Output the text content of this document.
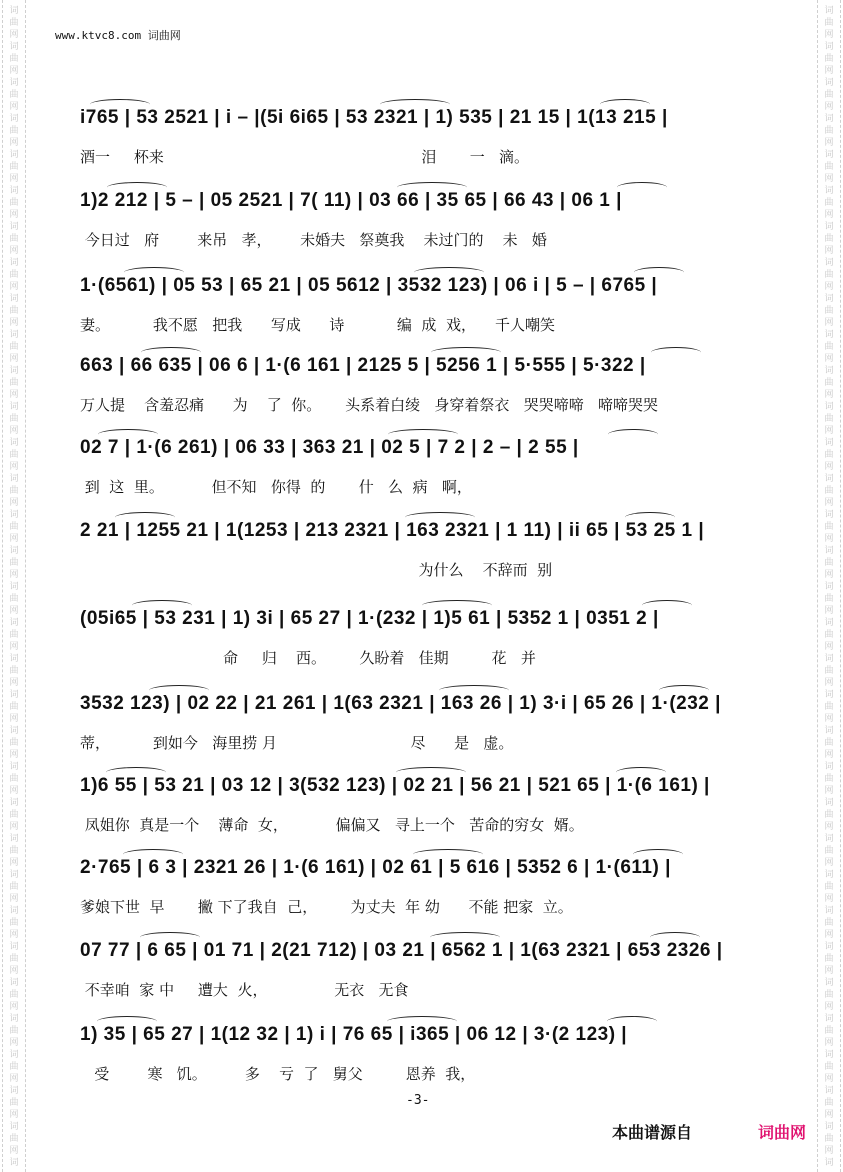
词
曲
网
词
曲
网
词
曲
网
词
曲
网
词
曲
网
词
曲
网
词
曲
网
词
曲
网
词
曲
网
词
曲
网
词
曲
网
词
曲
网
词
曲
网
词
曲
网
词
曲
网
词
曲
网
词
曲
网
词
曲
网
词
曲
网
词
曲
网
词
曲
网
词
曲
网
词
曲
网
词
曲
网
词
曲
网
词
曲
网
词
曲
网
词
曲
网
词
曲
网
词
曲
网
词
曲
网
词
曲
网
词
词
曲
网
词
曲
网
词
曲
网
词
曲
网
词
曲
网
词
曲
网
词
曲
网
词
曲
网
词
曲
网
词
曲
网
词
曲
网
词
曲
网
词
曲
网
词
曲
网
词
曲
网
词
曲
网
词
曲
网
词
曲
网
词
曲
网
词
曲
网
词
曲
网
词
曲
网
词
曲
网
词
曲
网
词
曲
网
词
曲
网
词
曲
网
词
曲
网
词
曲
网
词
曲
网
词
曲
网
词
曲
网
词
www.ktvc8.com 词曲网
i765 | 53 2521 | i – |(5i 6i65 | 53 2321 | 1) 535 | 21 15 | 1(13 215 |
酒一     杯来                                                      泪       一   滴。
1)2 212 | 5 – | 05 2521 | 7( 11) | 03 66 | 35 65 | 66 43 | 06 1 |
今日过   府        来吊   孝，      未婚夫   祭奠我    未过门的    未   婚
1·(6561) | 05 53 | 65 21 | 05 5612 | 3532 123) | 06 i | 5 – | 6765 |
妻。         我不愿   把我      写成      诗           编  成  戏，    千人嘲笑
663 | 66 635 | 06 6 | 1·(6 161 | 2125 5 | 5256 1 | 5·555 | 5·322 |
万人提    含羞忍痛      为    了  你。     头系着白绫   身穿着祭衣   哭哭啼啼   啼啼哭哭
02 7 | 1·(6 261) | 06 33 | 363 21 | 02 5 | 7 2 | 2 – | 2 55 |
到  这  里。          但不知   你得  的       什   么  病   啊，
2 21 | 1255 21 | 1(1253 | 213 2321 | 163 2321 | 1 11) | ii 65 | 53 25 1 |
为什么    不辞而  别
(05i65 | 53 231 | 1) 3i | 65 27 | 1·(232 | 1)5 61 | 5352 1 | 0351 2 |
命     归    西。       久盼着   佳期         花   并
3532 123) | 02 22 | 21 261 | 1(63 2321 | 163 26 | 1) 3·i | 65 26 | 1·(232 |
蒂，         到如今   海里捞 月                            尽      是   虚。
1)6 55 | 53 21 | 03 12 | 3(532 123) | 02 21 | 56 21 | 521 65 | 1·(6 161) |
凤姐你  真是一个    薄命  女，          偏偏又   寻上一个   苦命的穷女  婿。
2·765 | 6 3 | 2321 26 | 1·(6 161) | 02 61 | 5 616 | 5352 6 | 1·(611) |
爹娘下世  早       撇 下了我自  己，       为丈夫  年 幼      不能 把家  立。
07 77 | 6 65 | 01 71 | 2(21 712) | 03 21 | 6562 1 | 1(63 2321 | 653 2326 |
不幸咱  家 中     遭大  火，              无衣   无食
1) 35 | 65 27 | 1(12 32 | 1) i | 76 65 | i365 | 06 12 | 3·(2 123) |
受        寒   饥。        多    亏  了   舅父         恩养  我，
-3-
本曲谱源自	词曲网
